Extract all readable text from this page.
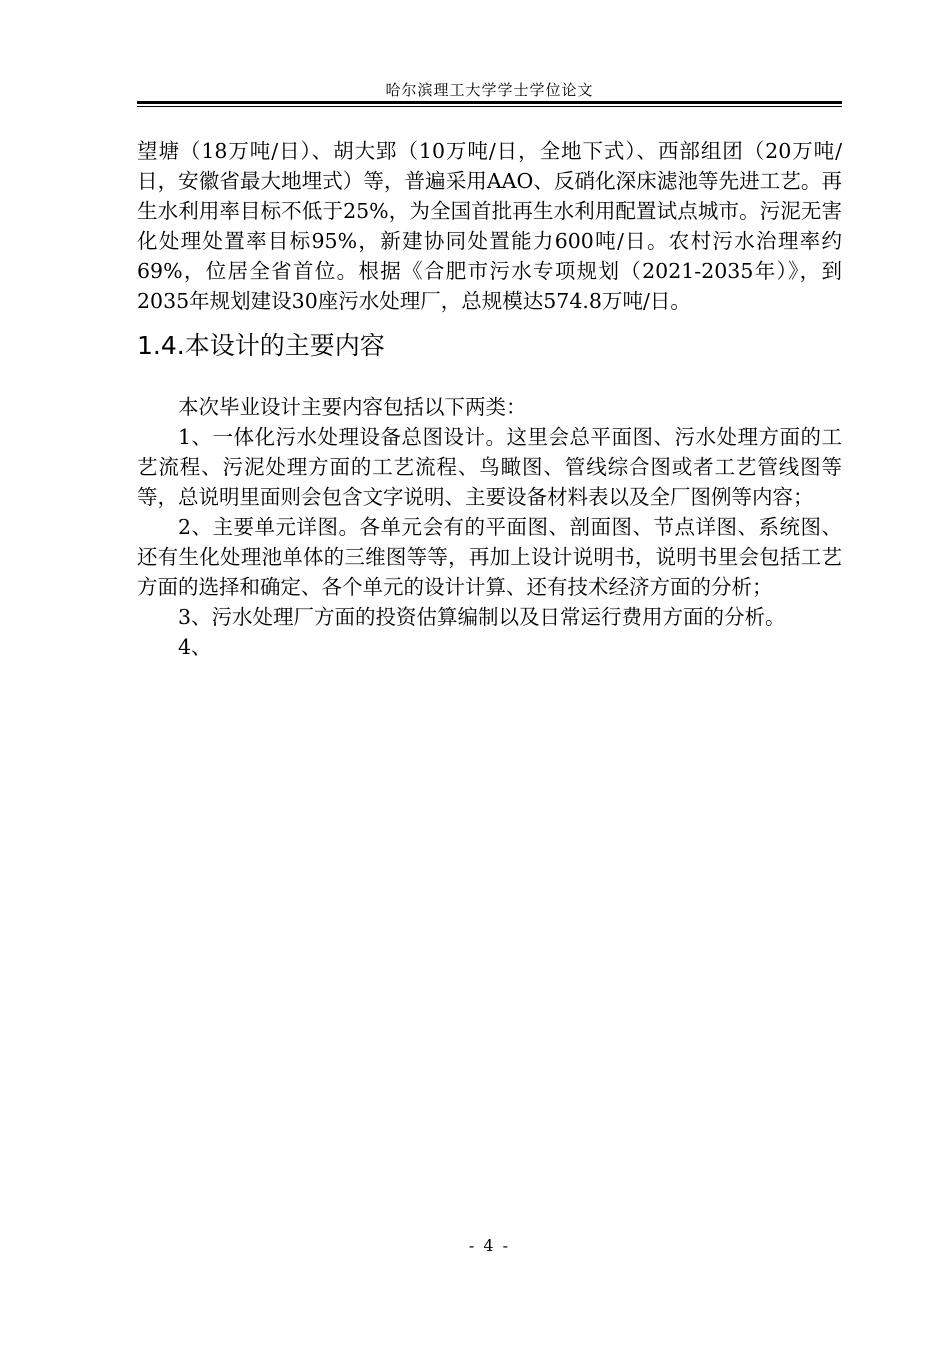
哈尔滨理工大学学士学位论文

望塘（18万吨/日）、胡大郢（10万吨/日，全地下式）、西部组团（20万吨/日，安徽省最大地埋式）等，普遍采用AAO、反硝化深床滤池等先进工艺。再生水利用率目标不低于25%，为全国首批再生水利用配置试点城市。污泥无害化处理处置率目标95%，新建协同处置能力600吨/日。农村污水治理率约69%，位居全省首位。根据《合肥市污水专项规划（2021-2035年）》，到2035年规划建设30座污水处理厂，总规模达574.8万吨/日。

1.4.本设计的主要内容

本次毕业设计主要内容包括以下两类：

1、一体化污水处理设备总图设计。这里会总平面图、污水处理方面的工艺流程、污泥处理方面的工艺流程、鸟瞰图、管线综合图或者工艺管线图等等，总说明里面则会包含文字说明、主要设备材料表以及全厂图例等内容；

2、主要单元详图。各单元会有的平面图、剖面图、节点详图、系统图、还有生化处理池单体的三维图等等，再加上设计说明书，说明书里会包括工艺方面的选择和确定、各个单元的设计计算、还有技术经济方面的分析；

3、污水处理厂方面的投资估算编制以及日常运行费用方面的分析。

4、

- 4 -
